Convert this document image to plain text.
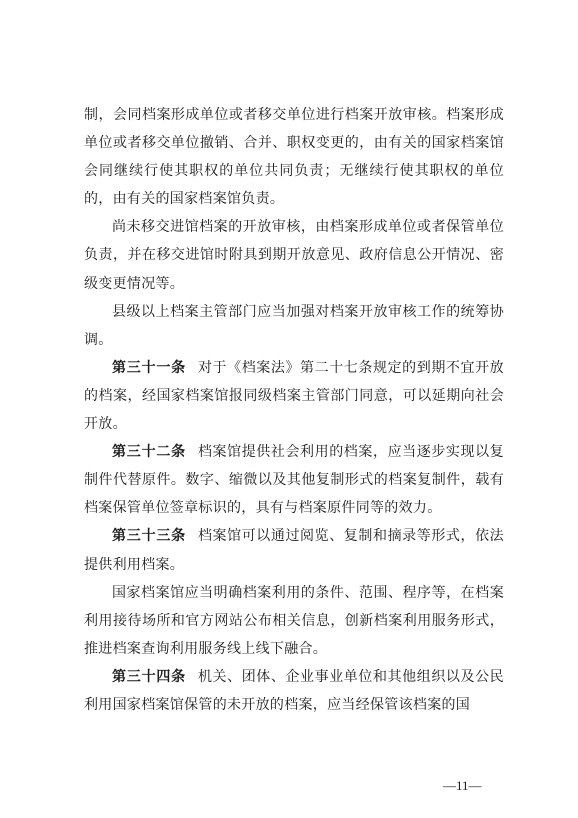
制，会同档案形成单位或者移交单位进行档案开放审核。档案形成单位或者移交单位撤销、合并、职权变更的，由有关的国家档案馆会同继续行使其职权的单位共同负责；无继续行使其职权的单位的，由有关的国家档案馆负责。

尚未移交进馆档案的开放审核，由档案形成单位或者保管单位负责，并在移交进馆时附具到期开放意见、政府信息公开情况、密级变更情况等。

县级以上档案主管部门应当加强对档案开放审核工作的统筹协调。

第三十一条 对于《档案法》第二十七条规定的到期不宜开放的档案，经国家档案馆报同级档案主管部门同意，可以延期向社会开放。

第三十二条 档案馆提供社会利用的档案，应当逐步实现以复制件代替原件。数字、缩微以及其他复制形式的档案复制件，载有档案保管单位签章标识的，具有与档案原件同等的效力。

第三十三条 档案馆可以通过阅览、复制和摘录等形式，依法提供利用档案。

国家档案馆应当明确档案利用的条件、范围、程序等，在档案利用接待场所和官方网站公布相关信息，创新档案利用服务形式，推进档案查询利用服务线上线下融合。

第三十四条 机关、团体、企业事业单位和其他组织以及公民利用国家档案馆保管的未开放的档案，应当经保管该档案的国

—11—
